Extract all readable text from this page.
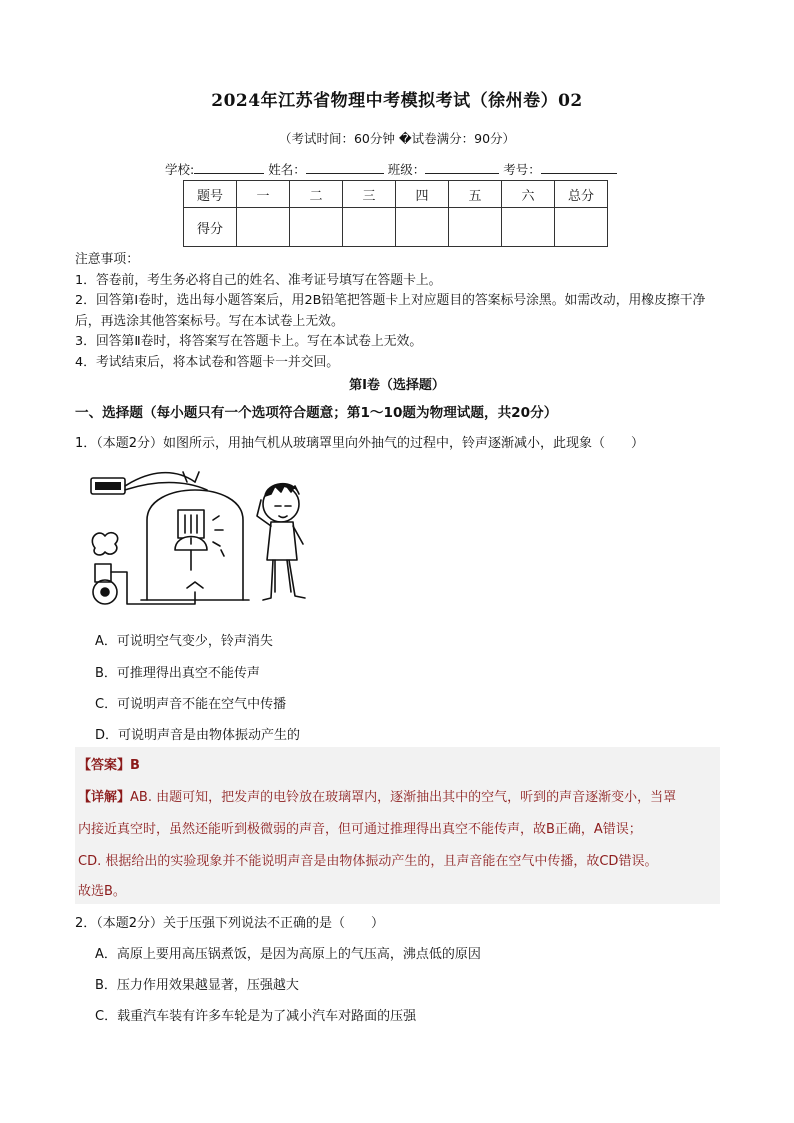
2024年江苏省物理中考模拟考试（徐州卷）02
（考试时间：60分钟 �试卷满分：90分）
学校:	姓名：	班级：	考号：
题号	一	二	三	四	五	六	总分
得分							

注意事项：

1．答卷前，考生务必将自己的姓名、准考证号填写在答题卡上。

2．回答第Ⅰ卷时，选出每小题答案后，用2B铅笔把答题卡上对应题目的答案标号涂黑。如需改动，用橡皮擦干净后，再选涂其他答案标号。写在本试卷上无效。

3．回答第Ⅱ卷时，将答案写在答题卡上。写在本试卷上无效。

4．考试结束后，将本试卷和答题卡一并交回。

第Ⅰ卷（选择题）
一、选择题（每小题只有一个选项符合题意；第1～10题为物理试题，共20分）
1．（本题2分）如图所示，用抽气机从玻璃罩里向外抽气的过程中，铃声逐渐减小，此现象（　　）
A．可说明空气变少，铃声消失
B．可推理得出真空不能传声
C．可说明声音不能在空气中传播
D．可说明声音是由物体振动产生的
【答案】B
【详解】AB. 由题可知，把发声的电铃放在玻璃罩内，逐渐抽出其中的空气，听到的声音逐渐变小，当罩
内接近真空时，虽然还能听到极微弱的声音，但可通过推理得出真空不能传声，故B正确，A错误；
CD. 根据给出的实验现象并不能说明声音是由物体振动产生的，且声音能在空气中传播，故CD错误。
故选B。
2．（本题2分）关于压强下列说法不正确的是（　　）
A．高原上要用高压锅煮饭，是因为高原上的气压高，沸点低的原因
B．压力作用效果越显著，压强越大
C．载重汽车装有许多车轮是为了减小汽车对路面的压强
